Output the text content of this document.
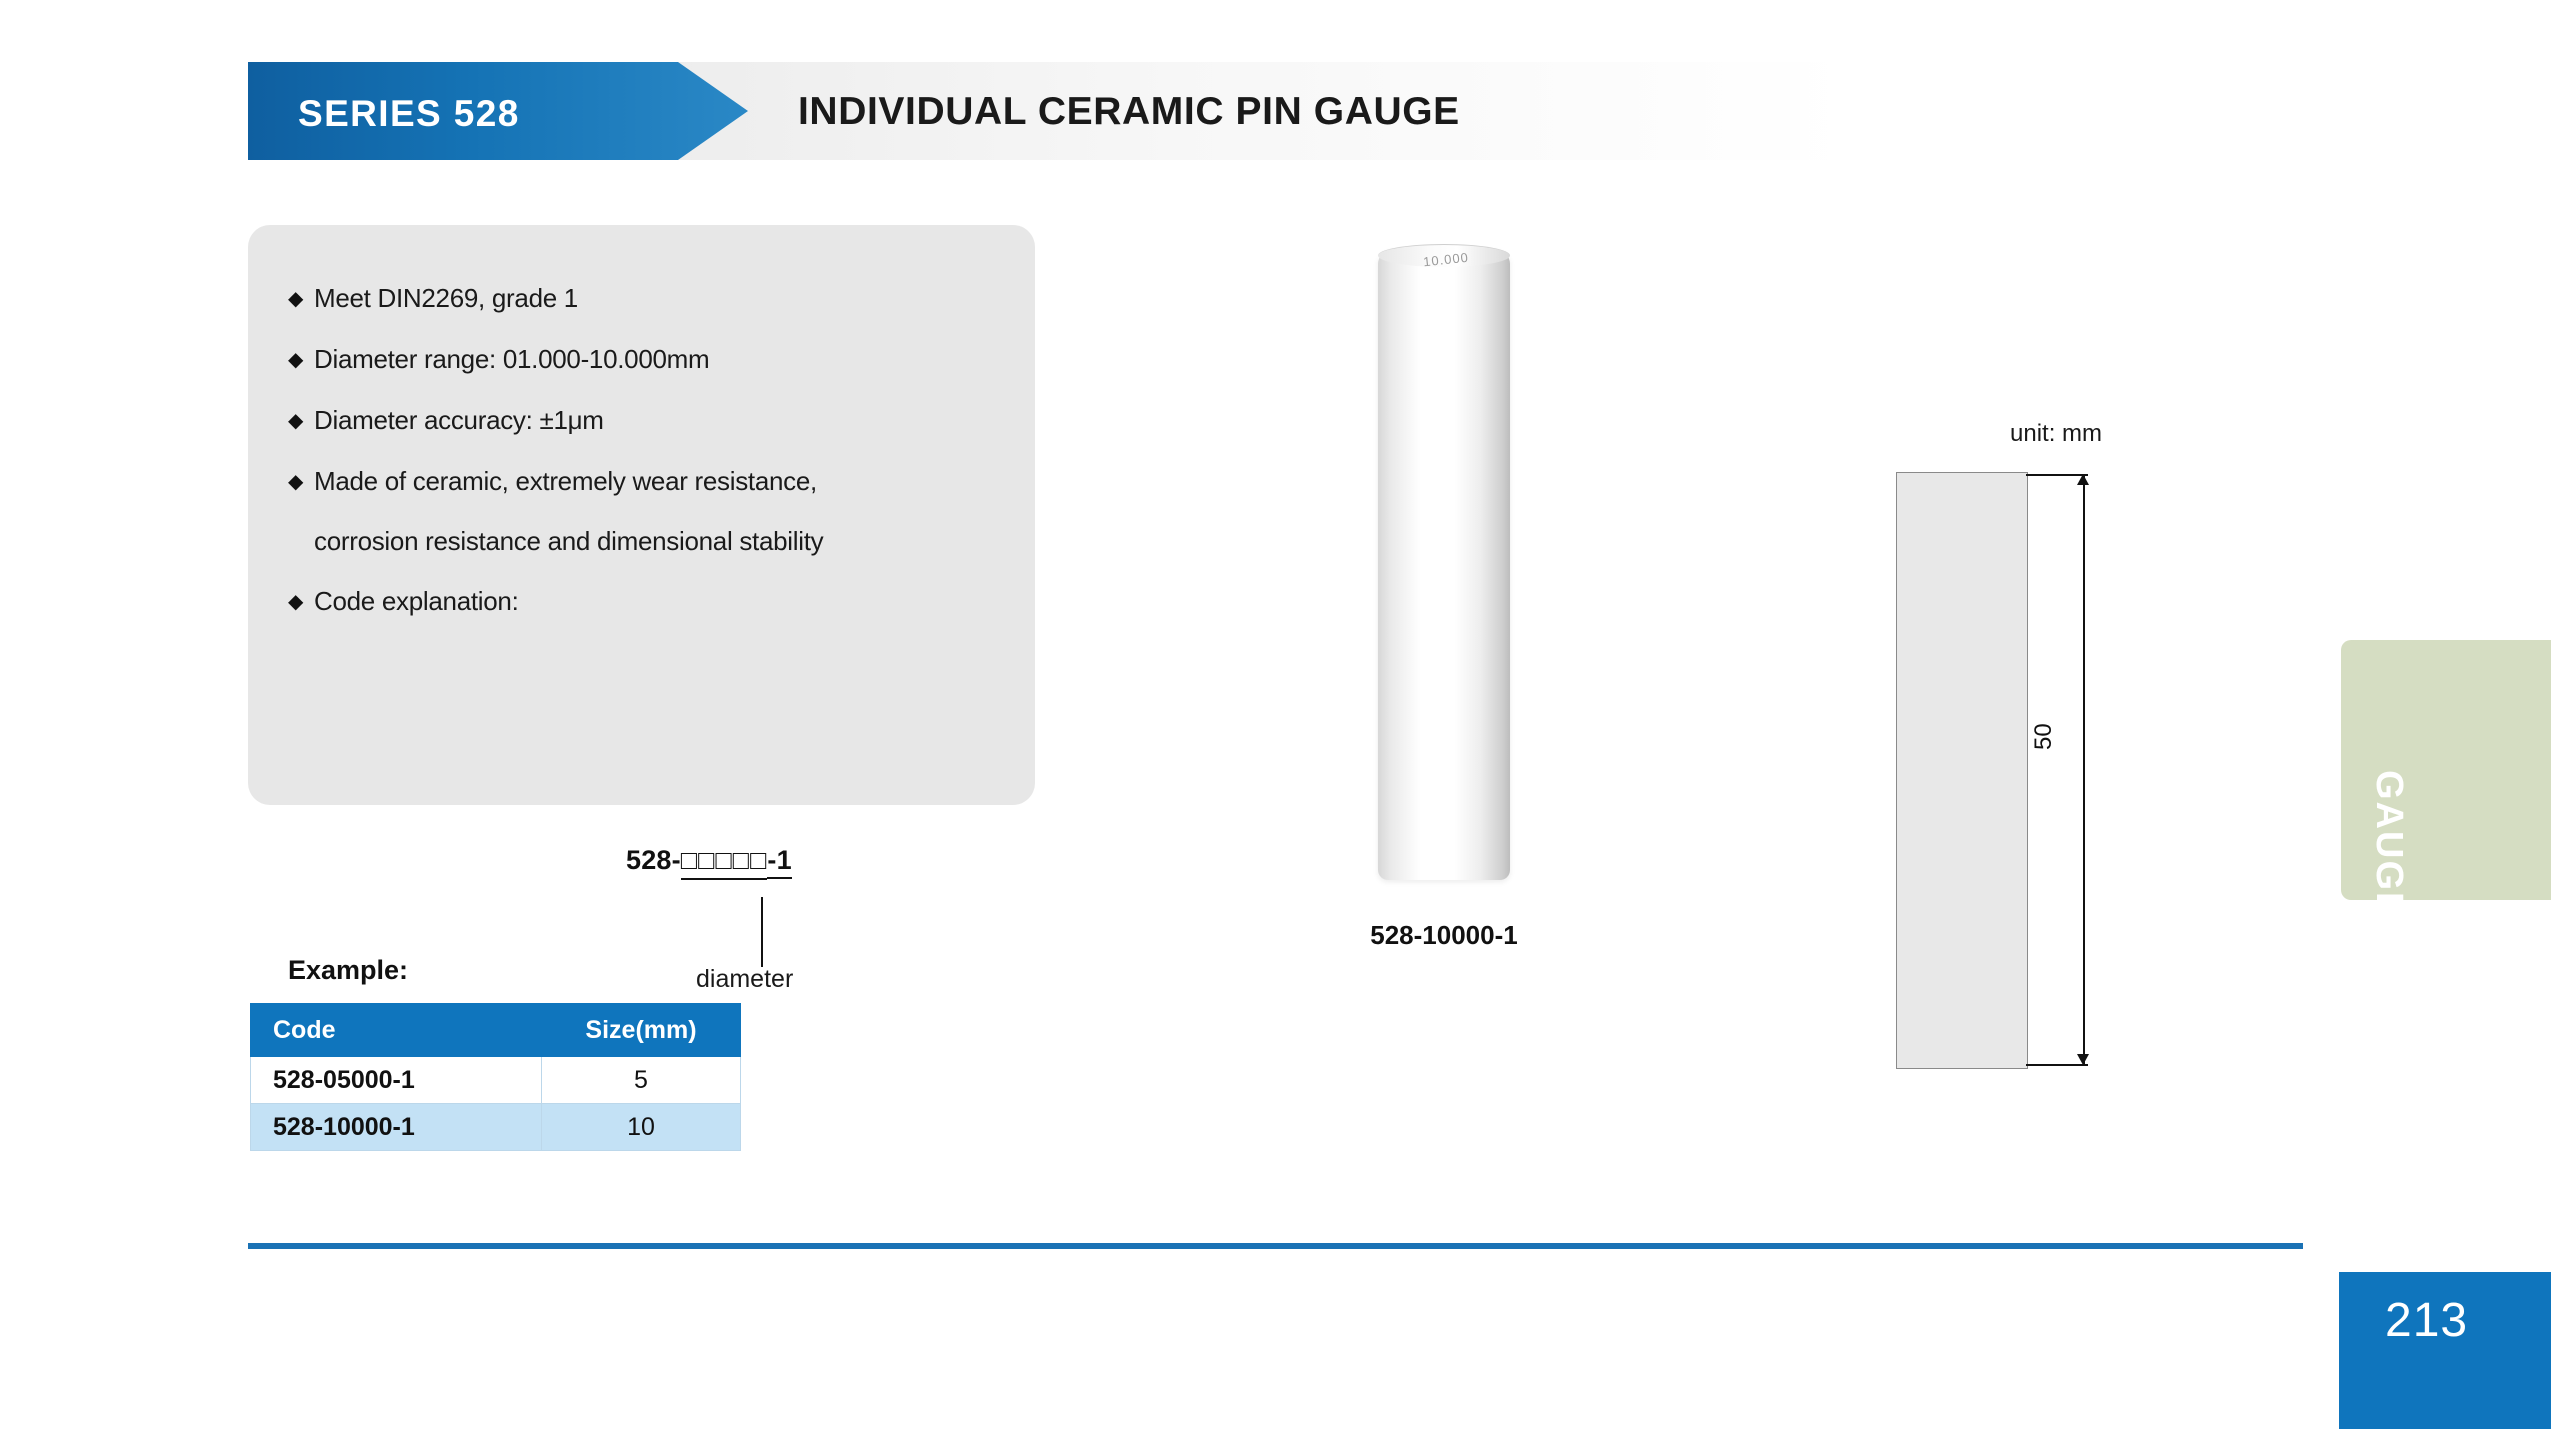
SERIES 528	INDIVIDUAL CERAMIC PIN GAUGE
◆ Meet DIN2269, grade 1
◆ Diameter range: 01.000-10.000mm
◆ Diameter accuracy: ±1μm
◆ Made of ceramic, extremely wear resistance,
corrosion resistance and dimensional stability
◆ Code explanation:
528-□□□□□-1
diameter
Example:
Code	Size(mm)
528-05000-1	5
528-10000-1	10
10.000
528-10000-1
unit: mm
50
GAUGE
213
